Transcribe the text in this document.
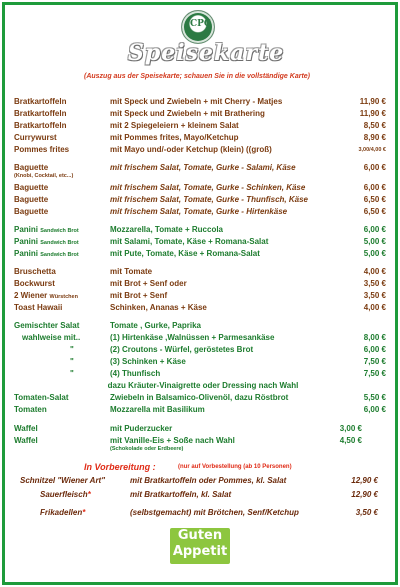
CPC
Speisekarte
(Auszug aus der Speisekarte; schauen Sie in die vollständige Karte)
Bratkartoffeln	mit Speck und Zwiebeln + mit Cherry - Matjes	11,90 €
Bratkartoffeln	mit Speck und Zwiebeln + mit Brathering	11,90 €
Bratkartoffeln	mit 2 Spiegeleiern + kleinem Salat	8,50 €
Currywurst	mit Pommes frites, Mayo/Ketchup	8,90 €
Pommes frites	mit Mayo und/-oder Ketchup (klein) ((groß)	3,00/4,00 €
Baguette	mit frischem Salat, Tomate, Gurke - Salami, Käse	6,00 €
(Knobi, Cocktail, etc...)
Baguette	mit frischem Salat, Tomate, Gurke - Schinken, Käse	6,00 €
Baguette	mit frischem Salat, Tomate, Gurke - Thunfisch, Käse	6,50 €
Baguette	mit frischem Salat, Tomate, Gurke - Hirtenkäse	6,50 €
Panini Sandwich Brot	Mozzarella, Tomate + Ruccola	6,00 €
Panini Sandwich Brot	mit Salami, Tomate, Käse + Romana-Salat	5,00 €
Panini Sandwich Brot	mit Pute, Tomate, Käse + Romana-Salat	5,00 €
Bruschetta	mit Tomate	4,00 €
Bockwurst	mit Brot + Senf oder	3,50 €
2 Wiener Würstchen	mit Brot + Senf	3,50 €
Toast Hawaii	Schinken, Ananas + Käse	4,00 €
Gemischter Salat	Tomate , Gurke, Paprika
wahlweise mit..	(1) Hirtenkäse ,Walnüssen + Parmesankäse	8,00 €
"	(2) Croutons - Würfel, geröstetes Brot	6,00 €
"	(3) Schinken + Käse	7,50 €
"	(4) Thunfisch	7,50 €
dazu Kräuter-Vinaigrette oder Dressing nach Wahl
Tomaten-Salat	Zwiebeln in Balsamico-Olivenöl, dazu Röstbrot	5,50 €
Tomaten	Mozzarella mit Basilikum	6,00 €
Waffel	mit Puderzucker	3,00 €
Waffel	mit Vanille-Eis + Soße nach Wahl	4,50 €
(Schokolade oder Erdbeere)
In Vorbereitung :	(nur auf Vorbestellung (ab 10 Personen)
Schnitzel "Wiener Art"	mit Bratkartoffeln oder Pommes, kl. Salat	12,90 €
Sauerfleisch*	mit Bratkartoffeln, kl. Salat	12,90 €
Frikadellen*	(selbstgemacht) mit Brötchen, Senf/Ketchup	3,50 €
Guten
Appetit
